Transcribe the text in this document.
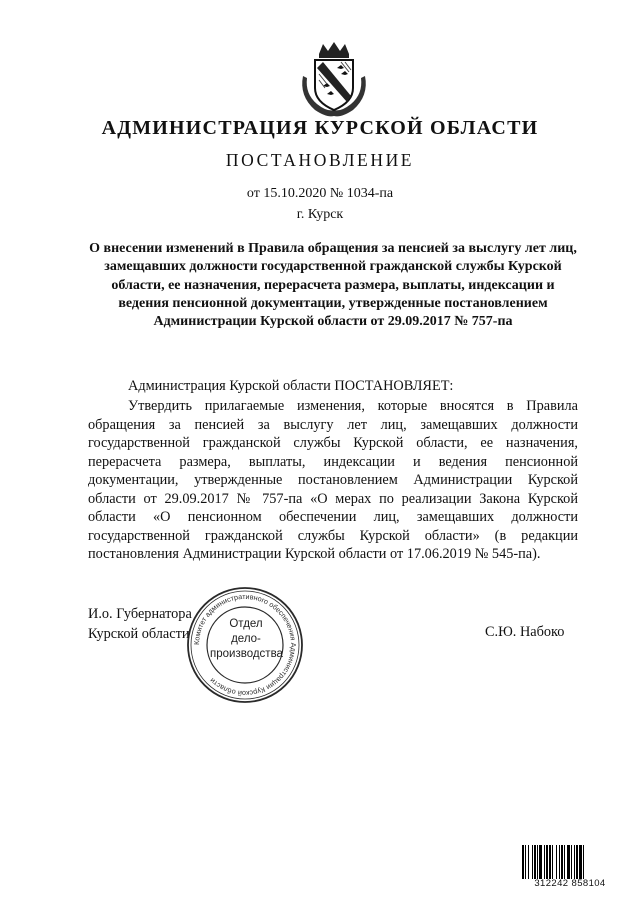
АДМИНИСТРАЦИЯ КУРСКОЙ ОБЛАСТИ
ПОСТАНОВЛЕНИЕ
от 15.10.2020 № 1034-па
г. Курск
О внесении изменений в Правила обращения за пенсией за выслугу лет лиц, замещавших должности государственной гражданской службы Курской области, ее назначения, перерасчета размера, выплаты, индексации и ведения пенсионной документации, утвержденные постановлением Администрации Курской области от 29.09.2017 № 757-па
Администрация Курской области ПОСТАНОВЛЯЕТ:
Утвердить прилагаемые изменения, которые вносятся в Правила обращения за пенсией за выслугу лет лиц, замещавших должности государственной гражданской службы Курской области, ее назначения, перерасчета размера, выплаты, индексации и ведения пенсионной документации, утвержденные постановлением Администрации Курской области от 29.09.2017 № 757-па «О мерах по реализации Закона Курской области «О пенсионном обеспечении лиц, замещавших должности государственной гражданской службы Курской области» (в редакции постановления Администрации Курской области от 17.06.2019 № 545-па).
И.о. Губернатора
Курской области	С.Ю. Набоко
Комитет административного обеспечения Администрации Курской области
Отдел
дело-
производства
312242 858104
